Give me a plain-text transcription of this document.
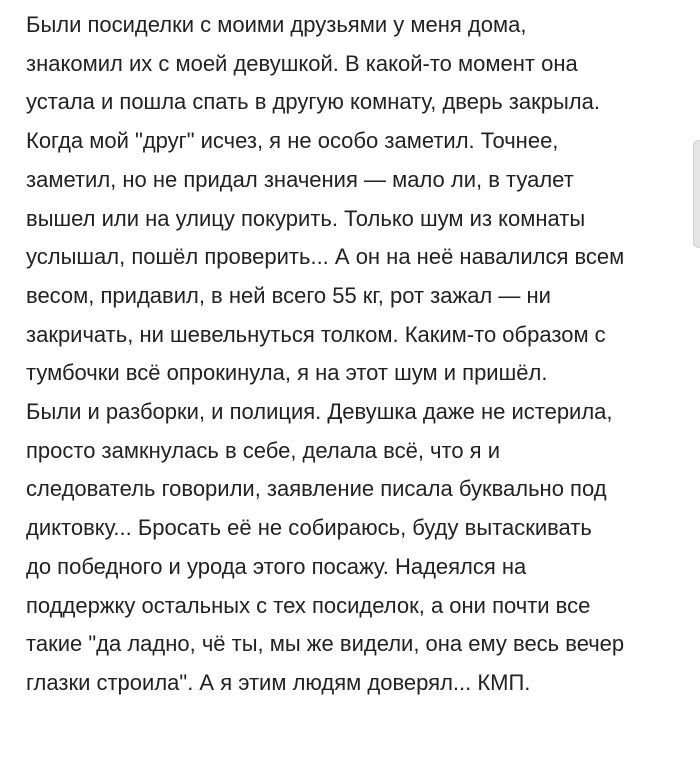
Были посиделки с моими друзьями у меня дома,
знакомил их с моей девушкой. В какой-то момент она
устала и пошла спать в другую комнату, дверь закрыла.
Когда мой "друг" исчез, я не особо заметил. Точнее,
заметил, но не придал значения — мало ли, в туалет
вышел или на улицу покурить. Только шум из комнаты
услышал, пошёл проверить... А он на неё навалился всем
весом, придавил, в ней всего 55 кг, рот зажал — ни
закричать, ни шевельнуться толком. Каким-то образом с
тумбочки всё опрокинула, я на этот шум и пришёл.
Были и разборки, и полиция. Девушка даже не истерила,
просто замкнулась в себе, делала всё, что я и
следователь говорили, заявление писала буквально под
диктовку... Бросать её не собираюсь, буду вытаскивать
до победного и урода этого посажу. Надеялся на
поддержку остальных с тех посиделок, а они почти все
такие "да ладно, чё ты, мы же видели, она ему весь вечер
глазки строила". А я этим людям доверял... КМП.
